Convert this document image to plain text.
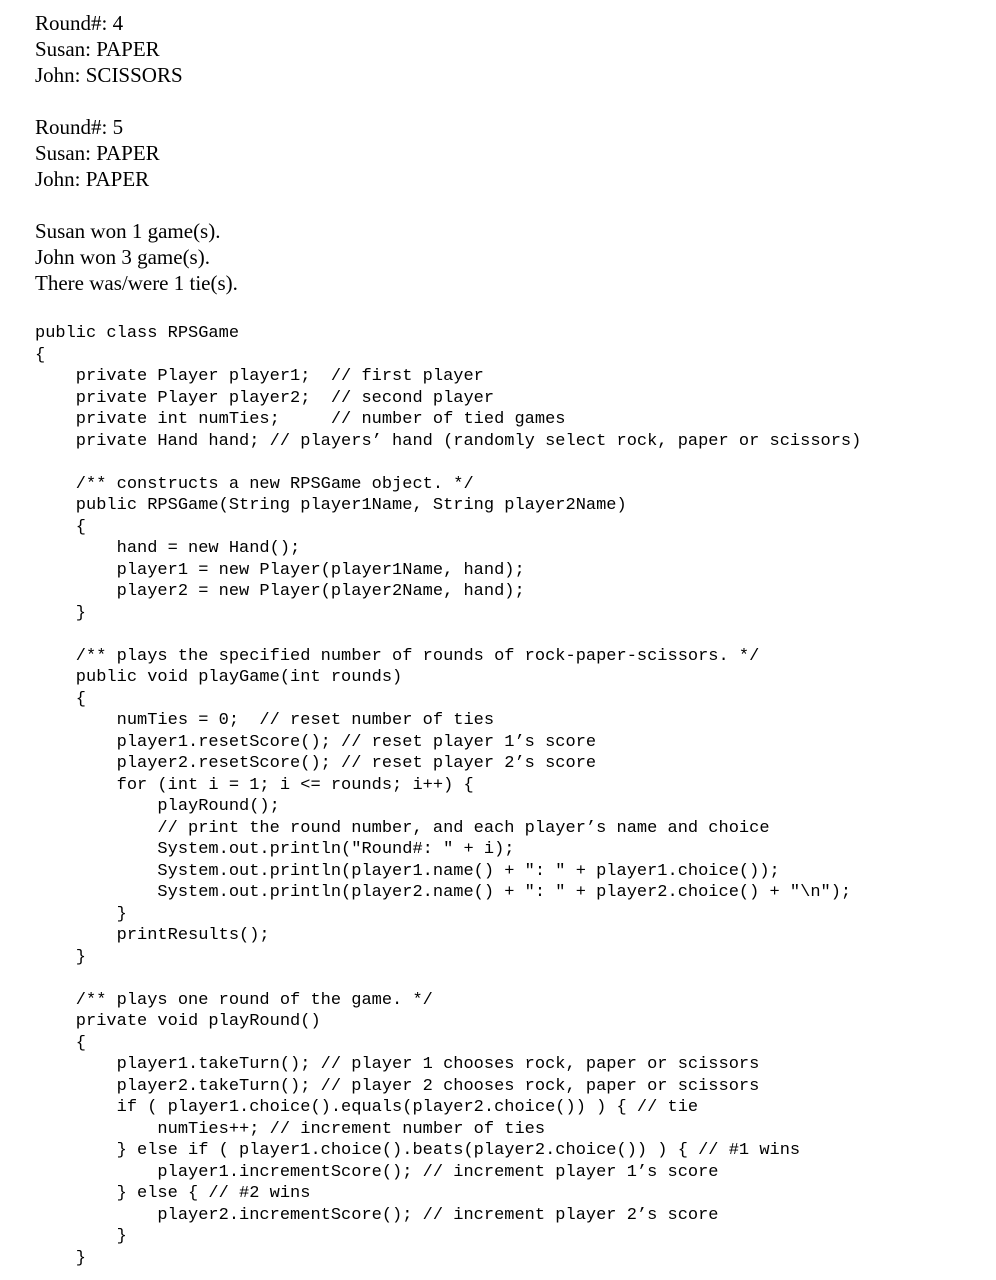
Round#: 4
Susan: PAPER
John: SCISSORS
Round#: 5
Susan: PAPER
John: PAPER
Susan won 1 game(s).
John won 3 game(s).
There was/were 1 tie(s).
public class RPSGame
{
private Player player1;  // first player
private Player player2;  // second player
private int numTies;     // number of tied games
private Hand hand; // players’ hand (randomly select rock, paper or scissors)
/** constructs a new RPSGame object. */
public RPSGame(String player1Name, String player2Name)
{
hand = new Hand();
player1 = new Player(player1Name, hand);
player2 = new Player(player2Name, hand);
}
/** plays the specified number of rounds of rock-paper-scissors. */
public void playGame(int rounds)
{
numTies = 0;  // reset number of ties
player1.resetScore(); // reset player 1’s score
player2.resetScore(); // reset player 2’s score
for (int i = 1; i <= rounds; i++) {
playRound();
// print the round number, and each player’s name and choice
System.out.println("Round#: " + i);
System.out.println(player1.name() + ": " + player1.choice());
System.out.println(player2.name() + ": " + player2.choice() + "\n");
}
printResults();
}
/** plays one round of the game. */
private void playRound()
{
player1.takeTurn(); // player 1 chooses rock, paper or scissors
player2.takeTurn(); // player 2 chooses rock, paper or scissors
if ( player1.choice().equals(player2.choice()) ) { // tie
numTies++; // increment number of ties
} else if ( player1.choice().beats(player2.choice()) ) { // #1 wins
player1.incrementScore(); // increment player 1’s score
} else { // #2 wins
player2.incrementScore(); // increment player 2’s score
}
}
